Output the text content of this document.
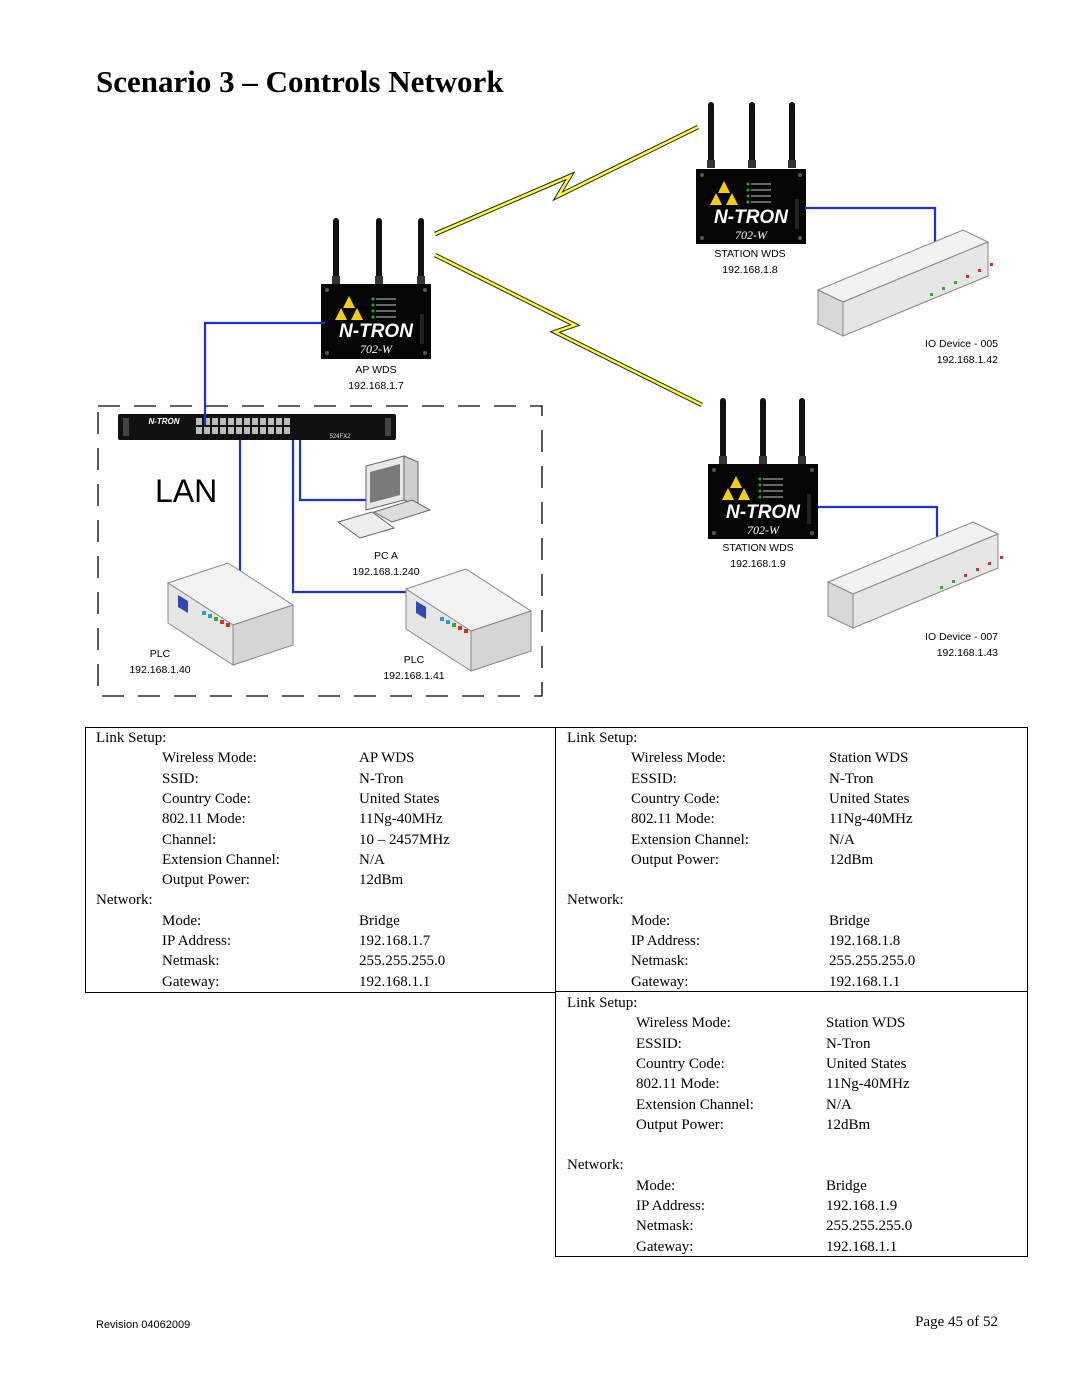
Scenario 3 – Controls Network
N-TRON
702-W
N-TRON
702-W
N-TRON
702-W
N-TRON
524FX2
LAN
AP WDS
192.168.1.7
STATION WDS
192.168.1.8
STATION WDS
192.168.1.9
IO Device - 005
192.168.1.42
IO Device - 007
192.168.1.43
PC A
192.168.1.240
PLC
192.168.1.40
PLC
192.168.1.41
Link Setup:
Wireless Mode:	AP WDS
SSID:	N-Tron
Country Code:	United States
802.11 Mode:	11Ng-40MHz
Channel:	10 – 2457MHz
Extension Channel:	N/A
Output Power:	12dBm
Network:
Mode:	Bridge
IP Address:	192.168.1.7
Netmask:	255.255.255.0
Gateway:	192.168.1.1
Link Setup:
Wireless Mode:	Station WDS
ESSID:	N-Tron
Country Code:	United States
802.11 Mode:	11Ng-40MHz
Extension Channel:	N/A
Output Power:	12dBm
Network:
Mode:	Bridge
IP Address:	192.168.1.8
Netmask:	255.255.255.0
Gateway:	192.168.1.1
Link Setup:
Wireless Mode:	Station WDS
ESSID:	N-Tron
Country Code:	United States
802.11 Mode:	11Ng-40MHz
Extension Channel:	N/A
Output Power:	12dBm
Network:
Mode:	Bridge
IP Address:	192.168.1.9
Netmask:	255.255.255.0
Gateway:	192.168.1.1
Revision 04062009	Page 45 of 52
